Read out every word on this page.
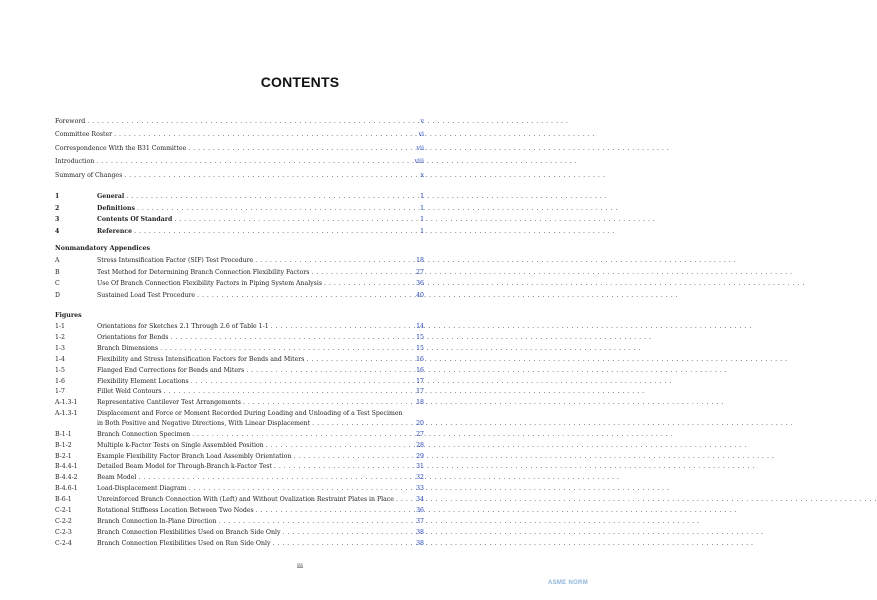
CONTENTS
Foreword . . .	v
Committee Roster . . .	vi
Correspondence With the B31 Committee . . .	vii
Introduction . . .	viii
Summary of Changes . . .	x
1	General . . .	1
2	Definitions . . .	1
3	Contents Of Standard . . .	1
4	Reference . . .	1
Nonmandatory Appendices
A	Stress Intensification Factor (SIF) Test Procedure . . .	18
B	Test Method for Determining Branch Connection Flexibility Factors . . .	27
C	Use Of Branch Connection Flexibility Factors in Piping System Analysis . . .	36
D	Sustained Load Test Procedure . . .	40
Figures
1-1	Orientations for Sketches 2.1 Through 2.6 of Table 1-1 . . .	14
1-2	Orientations for Bends . . .	15
1-3	Branch Dimensions . . .	15
1-4	Flexibility and Stress Intensification Factors for Bends and Miters . . .	16
1-5	Flanged End Corrections for Bends and Miters . . .	16
1-6	Flexibility Element Locations . . .	17
1-7	Fillet Weld Contours . . .	17
A-1.3-1	Representative Cantilever Test Arrangements . . .	18
A-1.3-1	Displacement and Force or Moment Recorded During Loading and Unloading of a Test Specimen
in Both Positive and Negative Directions, With Linear Displacement . . .	20
B-1-1	Branch Connection Specimen . . .	27
B-1-2	Multiple k-Factor Tests on Single Assembled Position . . .	28
B-2-1	Example Flexibility Factor Branch Load Assembly Orientation . . .	29
B-4.4-1	Detailed Beam Model for Through-Branch k-Factor Test . . .	31
B-4.4-2	Beam Model . . .	32
B-4.6-1	Load-Displacement Diagram . . .	33
B-6-1	Unreinforced Branch Connection With (Left) and Without Ovalization Restraint Plates in Place . . .	34
C-2-1	Rotational Stiffness Location Between Two Nodes . . .	36
C-2-2	Branch Connection In-Plane Direction . . .	37
C-2-3	Branch Connection Flexibilities Used on Branch Side Only . . .	38
C-2-4	Branch Connection Flexibilities Used on Run Side Only . . .	38
iii
ASME NORM
